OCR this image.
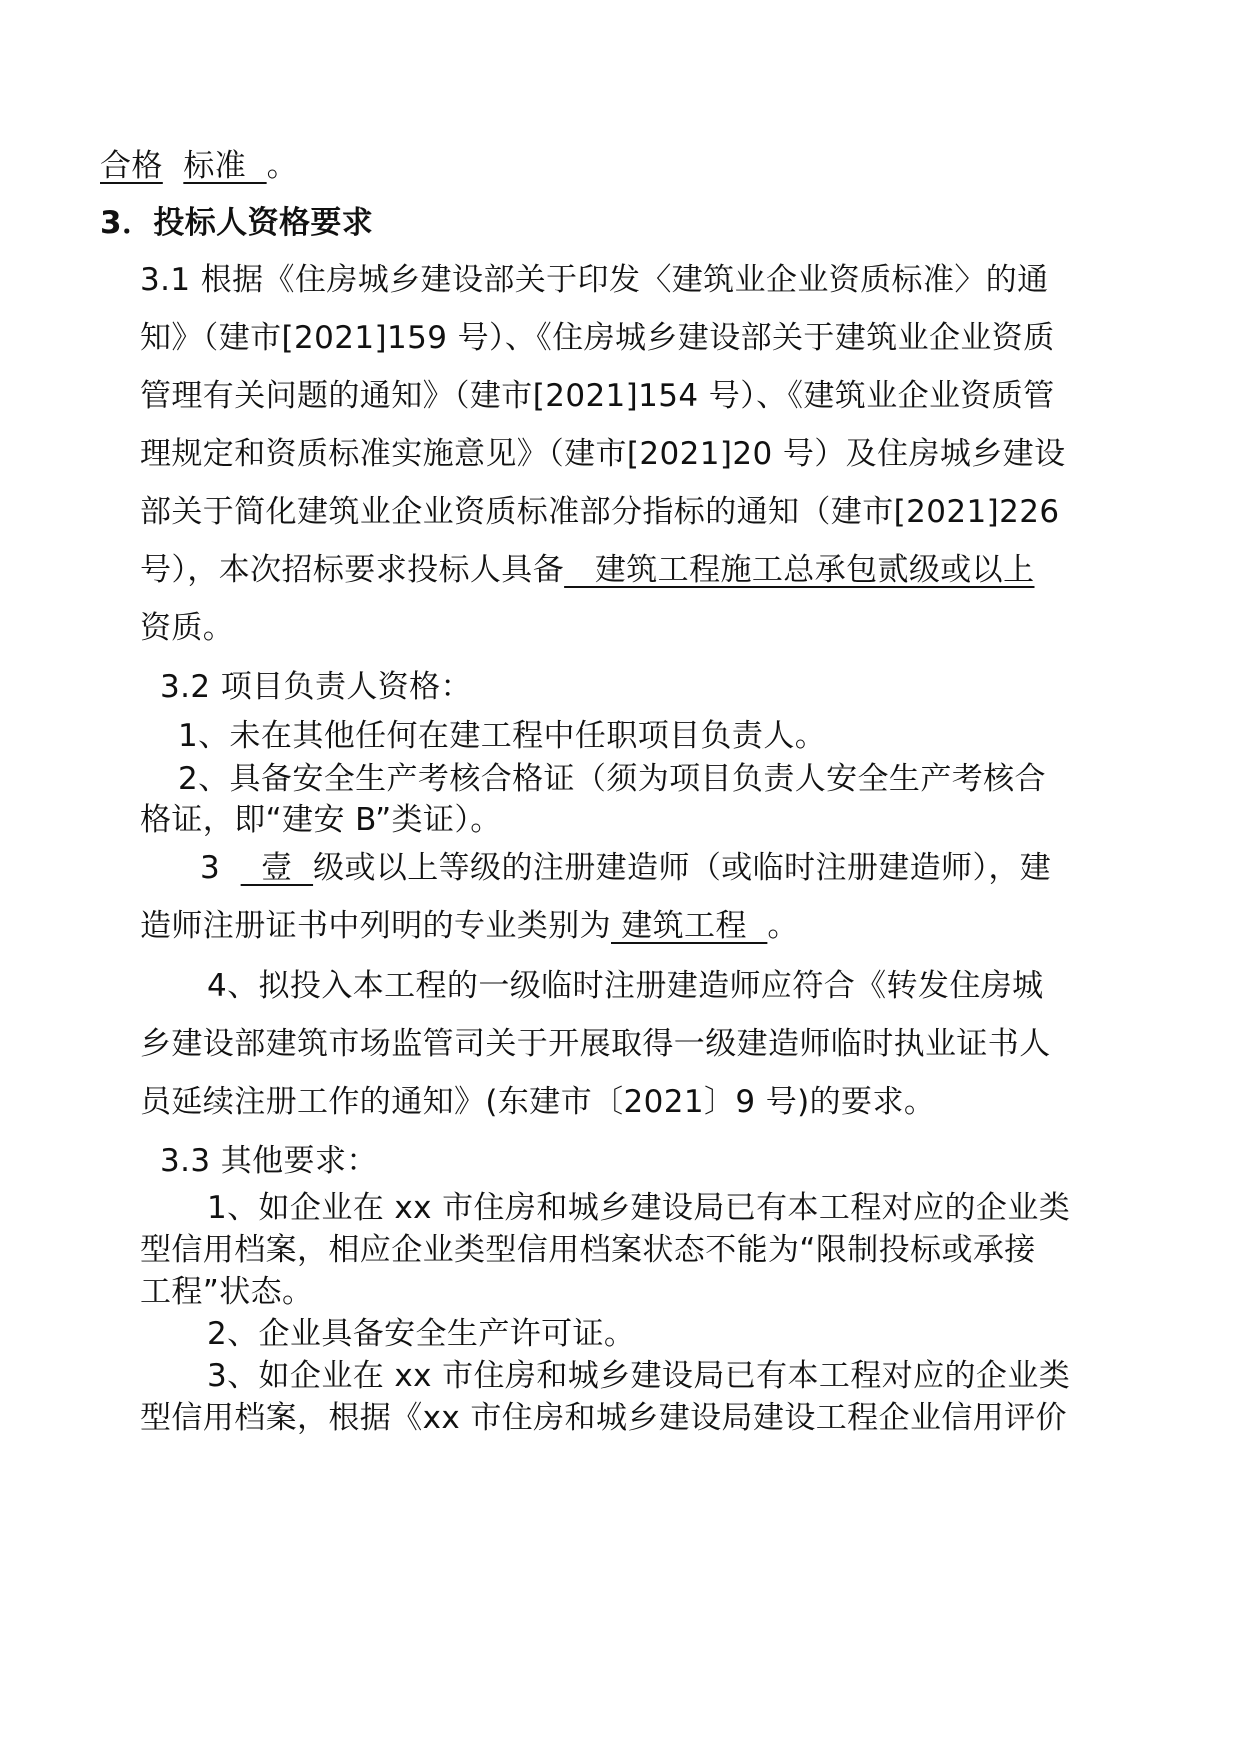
合格 标准  。
3．投标人资格要求
3.1 根据《住房城乡建设部关于印发〈建筑业企业资质标准〉的通
知》（建市[2021]159 号）、《住房城乡建设部关于建筑业企业资质
管理有关问题的通知》（建市[2021]154 号）、《建筑业企业资质管
理规定和资质标准实施意见》（建市[2021]20 号）及住房城乡建设
部关于简化建筑业企业资质标准部分指标的通知（建市[2021]226
号），本次招标要求投标人具备   建筑工程施工总承包贰级或以上
资质。
3.2 项目负责人资格：
1、未在其他任何在建工程中任职项目负责人。
2、具备安全生产考核合格证（须为项目负责人安全生产考核合
格证，即“建安 B”类证）。
3    壹  级或以上等级的注册建造师（或临时注册建造师），建
造师注册证书中列明的专业类别为 建筑工程  。
4、拟投入本工程的一级临时注册建造师应符合《转发住房城
乡建设部建筑市场监管司关于开展取得一级建造师临时执业证书人
员延续注册工作的通知》(东建市〔2021〕9 号)的要求。
3.3 其他要求：
1、如企业在 xx 市住房和城乡建设局已有本工程对应的企业类
型信用档案，相应企业类型信用档案状态不能为“限制投标或承接
工程”状态。
2、企业具备安全生产许可证。
3、如企业在 xx 市住房和城乡建设局已有本工程对应的企业类
型信用档案，根据《xx 市住房和城乡建设局建设工程企业信用评价
